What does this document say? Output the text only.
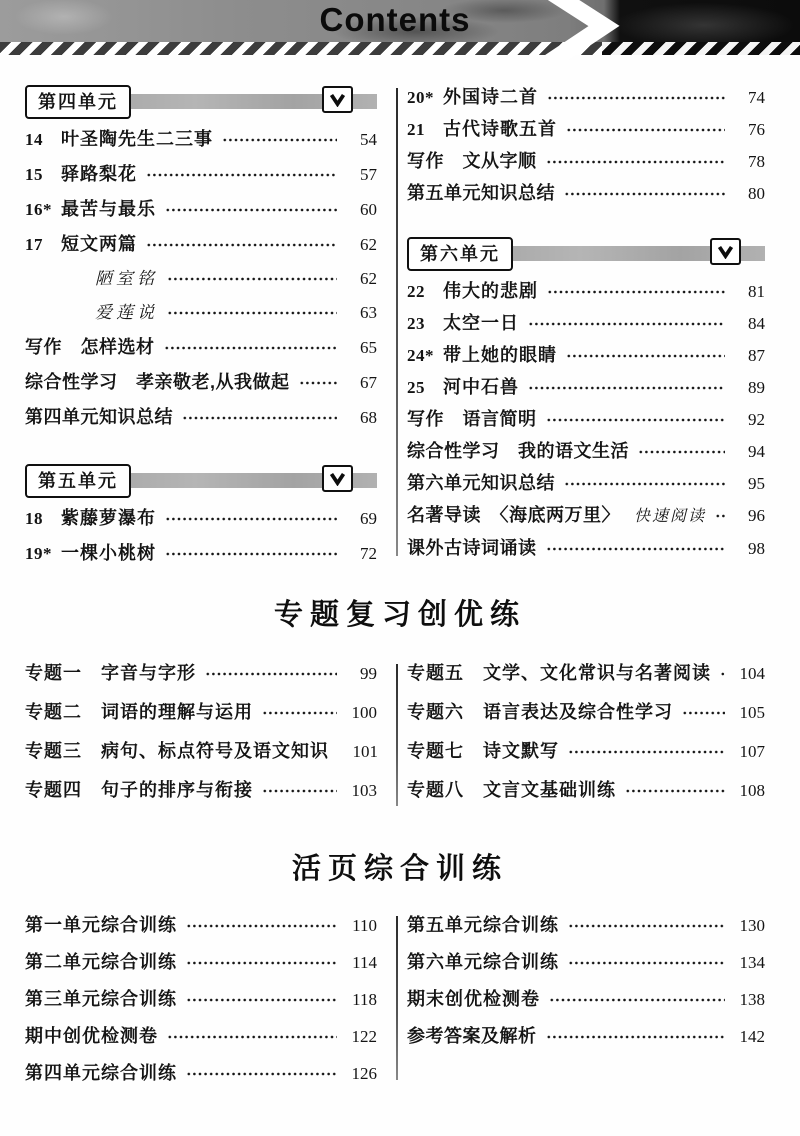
Contents
第四单元
14	叶圣陶先生二三事	54
15	驿路梨花	57
16* 最苦与最乐	60
17	短文两篇	62
陋室铭	62
爱莲说	63
写作　怎样选材	65
综合性学习　孝亲敬老,从我做起	67
第四单元知识总结	68
第五单元
18	紫藤萝瀑布	69
19* 一棵小桃树	72
20* 外国诗二首	74
21	古代诗歌五首	76
写作　文从字顺	78
第五单元知识总结	80
第六单元
22	伟大的悲剧	81
23	太空一日	84
24* 带上她的眼睛	87
25	河中石兽	89
写作　语言简明	92
综合性学习　我的语文生活	94
第六单元知识总结	95
名著导读　〈海底两万里〉 快速阅读	96
课外古诗词诵读	98
专题复习创优练
专题一　字音与字形	99
专题二　词语的理解与运用	100
专题三　病句、标点符号及语文知识	101
专题四　句子的排序与衔接	103
专题五　文学、文化常识与名著阅读	104
专题六　语言表达及综合性学习	105
专题七　诗文默写	107
专题八　文言文基础训练	108
活页综合训练
第一单元综合训练	110
第二单元综合训练	114
第三单元综合训练	118
期中创优检测卷	122
第四单元综合训练	126
第五单元综合训练	130
第六单元综合训练	134
期末创优检测卷	138
参考答案及解析	142
